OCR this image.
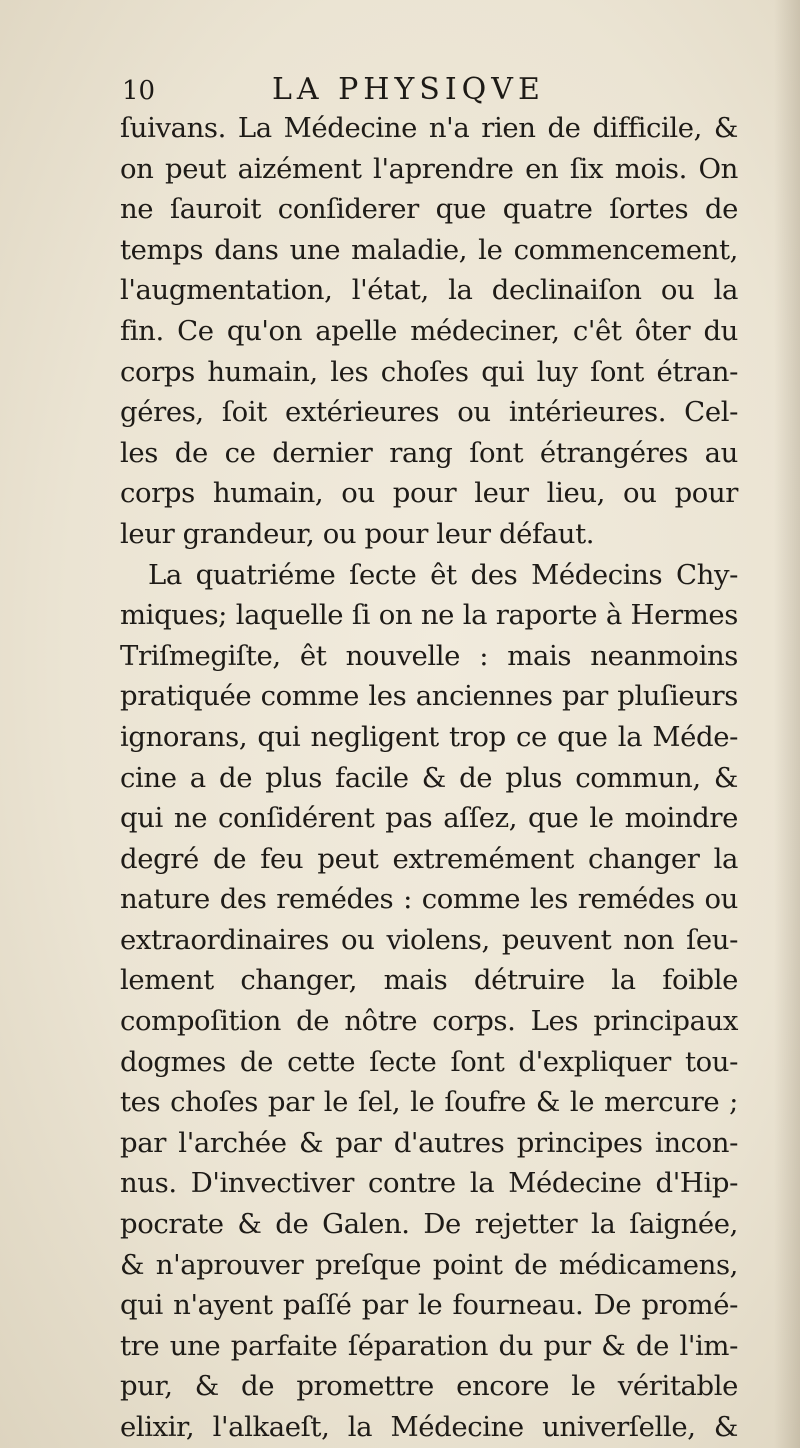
10	LA PHYSIQVE
ſuivans. La Médecine n'a rien de difficile, &
on peut aizément l'aprendre en ſix mois. On
ne ſauroit conſiderer que quatre ſortes de
temps dans une maladie, le commencement,
l'augmentation, l'état, la declinaiſon ou la
fin. Ce qu'on apelle médeciner, c'êt ôter du
corps humain, les choſes qui luy ſont étran-
géres, ſoit extérieures ou intérieures. Cel-
les de ce dernier rang ſont étrangéres au
corps humain, ou pour leur lieu, ou pour
leur grandeur, ou pour leur défaut.
La quatriéme ſecte êt des Médecins Chy-
miques; laquelle ſi on ne la raporte à Hermes
Triſmegiſte, êt nouvelle : mais neanmoins
pratiquée comme les anciennes par pluſieurs
ignorans, qui negligent trop ce que la Méde-
cine a de plus facile & de plus commun, &
qui ne conſidérent pas aſſez, que le moindre
degré de feu peut extremément changer la
nature des remédes : comme les remédes ou
extraordinaires ou violens, peuvent non ſeu-
lement changer, mais détruire la foible
compoſition de nôtre corps. Les principaux
dogmes de cette ſecte ſont d'expliquer tou-
tes choſes par le ſel, le ſoufre & le mercure ;
par l'archée & par d'autres principes incon-
nus. D'invectiver contre la Médecine d'Hip-
pocrate & de Galen. De rejetter la ſaignée,
& n'aprouver preſque point de médicamens,
qui n'ayent paſſé par le fourneau. De promé-
tre une parfaite ſéparation du pur & de l'im-
pur, & de promettre encore le véritable
elixir, l'alkaeſt, la Médecine univerſelle, &
